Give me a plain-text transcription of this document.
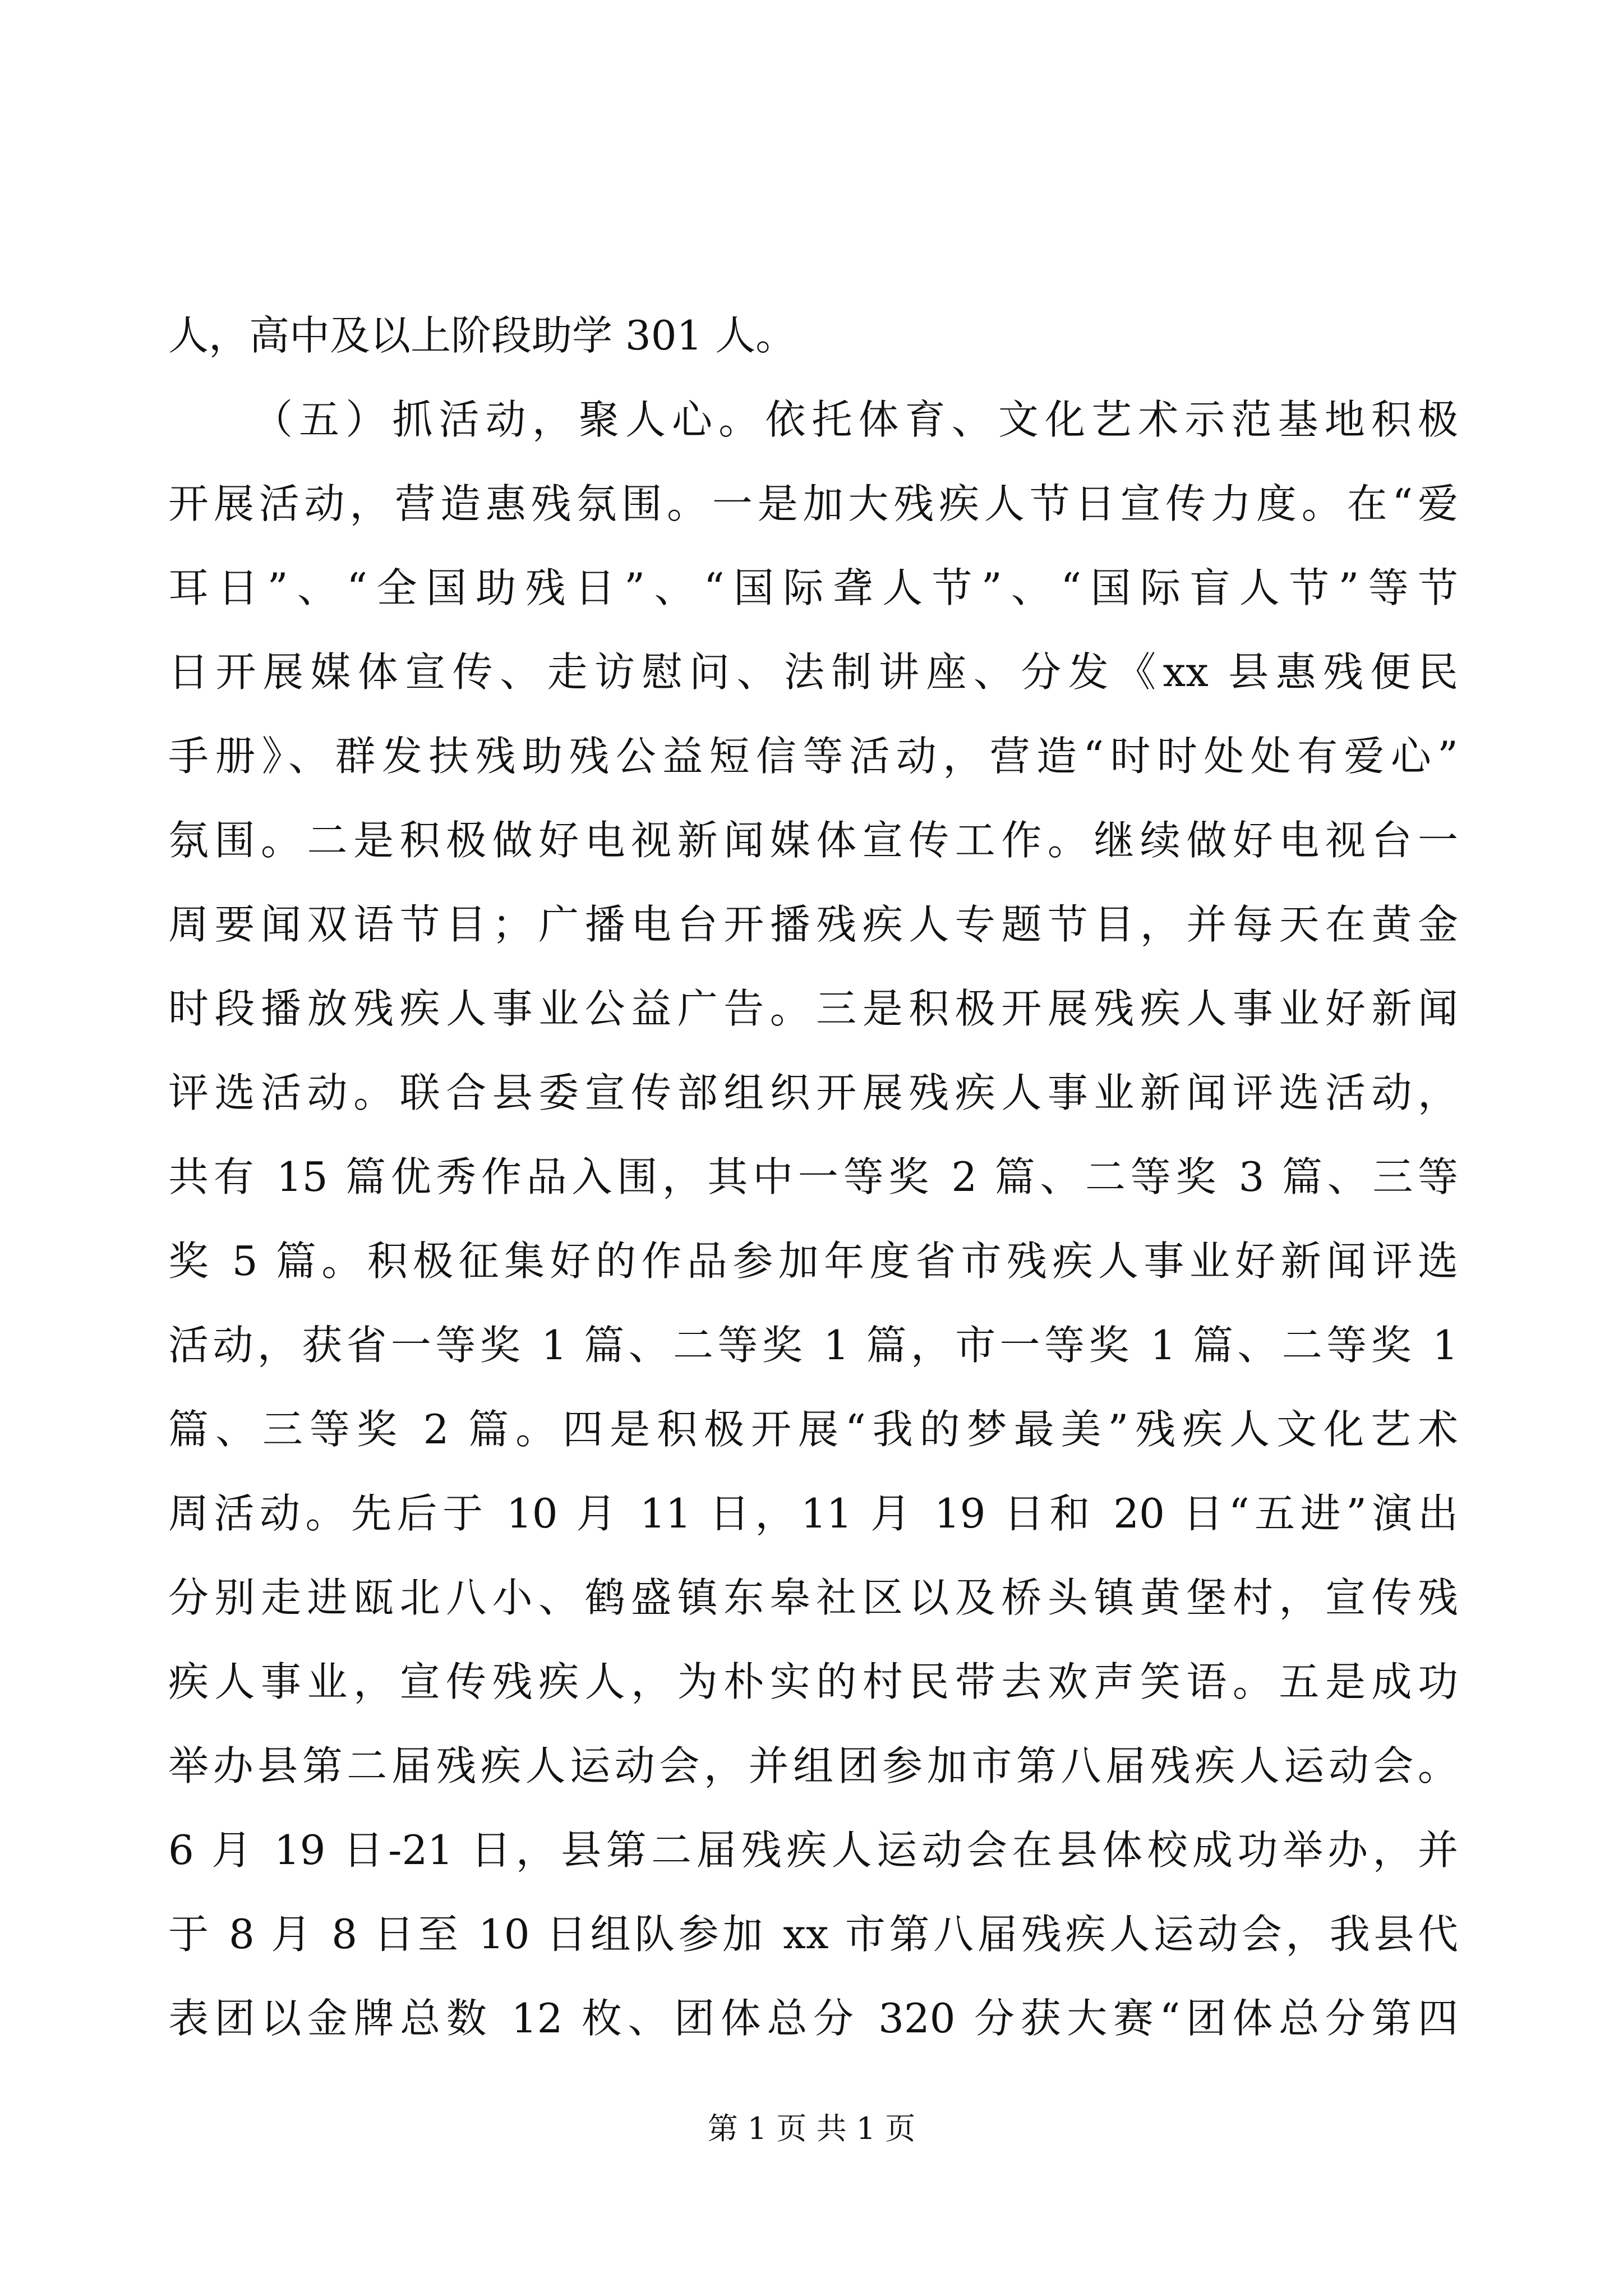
人，高中及以上阶段助学 301 人。
（五）抓活动，聚人心。依托体育、文化艺术示范基地积极
开展活动，营造惠残氛围。一是加大残疾人节日宣传力度。在“爱
耳日”、“全国助残日”、“国际聋人节”、“国际盲人节”等节
日开展媒体宣传、走访慰问、法制讲座、分发《xx 县惠残便民
手册》、群发扶残助残公益短信等活动，营造“时时处处有爱心”
氛围。二是积极做好电视新闻媒体宣传工作。继续做好电视台一
周要闻双语节目；广播电台开播残疾人专题节目，并每天在黄金
时段播放残疾人事业公益广告。三是积极开展残疾人事业好新闻
评选活动。联合县委宣传部组织开展残疾人事业新闻评选活动，
共有 15 篇优秀作品入围，其中一等奖 2 篇、二等奖 3 篇、三等
奖 5 篇。积极征集好的作品参加年度省市残疾人事业好新闻评选
活动，获省一等奖 1 篇、二等奖 1 篇，市一等奖 1 篇、二等奖 1
篇、三等奖 2 篇。四是积极开展“我的梦最美”残疾人文化艺术
周活动。先后于 10 月 11 日，11 月 19 日和 20 日“五进”演出
分别走进瓯北八小、鹤盛镇东皋社区以及桥头镇黄堡村，宣传残
疾人事业，宣传残疾人，为朴实的村民带去欢声笑语。五是成功
举办县第二届残疾人运动会，并组团参加市第八届残疾人运动会。
6 月 19 日-21 日，县第二届残疾人运动会在县体校成功举办，并
于 8 月 8 日至 10 日组队参加 xx 市第八届残疾人运动会，我县代
表团以金牌总数 12 枚、团体总分 320 分获大赛“团体总分第四
第 1 页 共 1 页
